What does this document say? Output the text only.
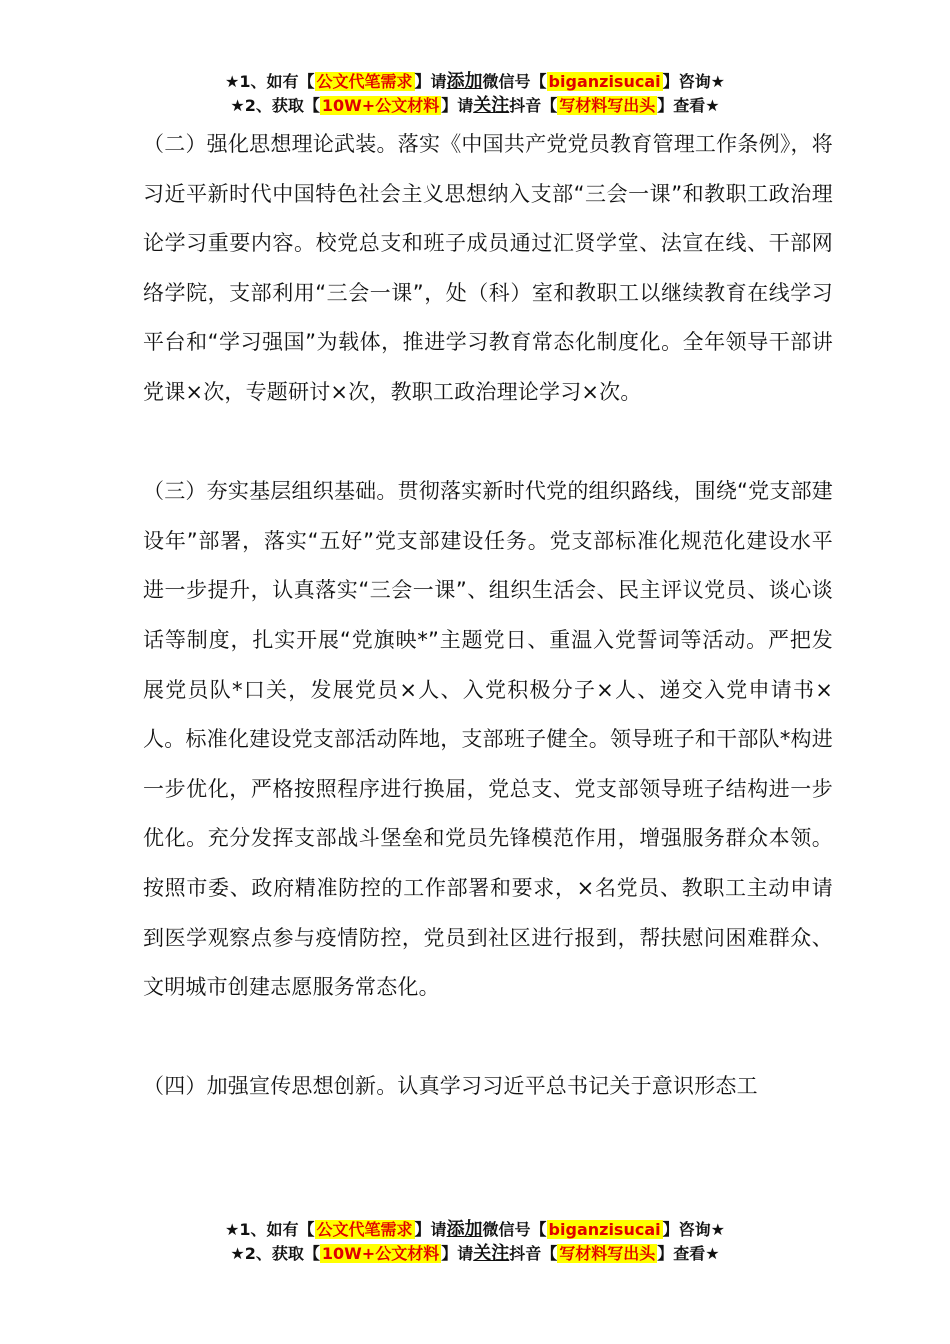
★1、如有【 公文代笔需求 】请添加微信号【 biganzisucai 】咨询★
★2、获取【 10W+公文材料 】请关注抖音【 写材料写出头 】查看★

（二）强化思想理论武装。落实《中国共产党党员教育管理工作条例》，将习近平新时代中国特色社会主义思想纳入支部“三会一课”和教职工政治理论学习重要内容。校党总支和班子成员通过汇贤学堂、法宣在线、干部网络学院，支部利用“三会一课”，处（科）室和教职工以继续教育在线学习平台和“学习强国”为载体，推进学习教育常态化制度化。全年领导干部讲党课×次，专题研讨×次，教职工政治理论学习×次。

（三）夯实基层组织基础。贯彻落实新时代党的组织路线，围绕“党支部建设年”部署，落实“五好”党支部建设任务。党支部标准化规范化建设水平进一步提升，认真落实“三会一课”、组织生活会、民主评议党员、谈心谈话等制度，扎实开展“党旗映*”主题党日、重温入党誓词等活动。严把发展党员队*口关，发展党员×人、入党积极分子×人、递交入党申请书×人。标准化建设党支部活动阵地，支部班子健全。领导班子和干部队*构进一步优化，严格按照程序进行换届，党总支、党支部领导班子结构进一步优化。充分发挥支部战斗堡垒和党员先锋模范作用，增强服务群众本领。按照市委、政府精准防控的工作部署和要求，×名党员、教职工主动申请到医学观察点参与疫情防控，党员到社区进行报到，帮扶慰问困难群众、文明城市创建志愿服务常态化。

（四）加强宣传思想创新。认真学习习近平总书记关于意识形态工

★1、如有【 公文代笔需求 】请添加微信号【 biganzisucai 】咨询★
★2、获取【 10W+公文材料 】请关注抖音【 写材料写出头 】查看★
